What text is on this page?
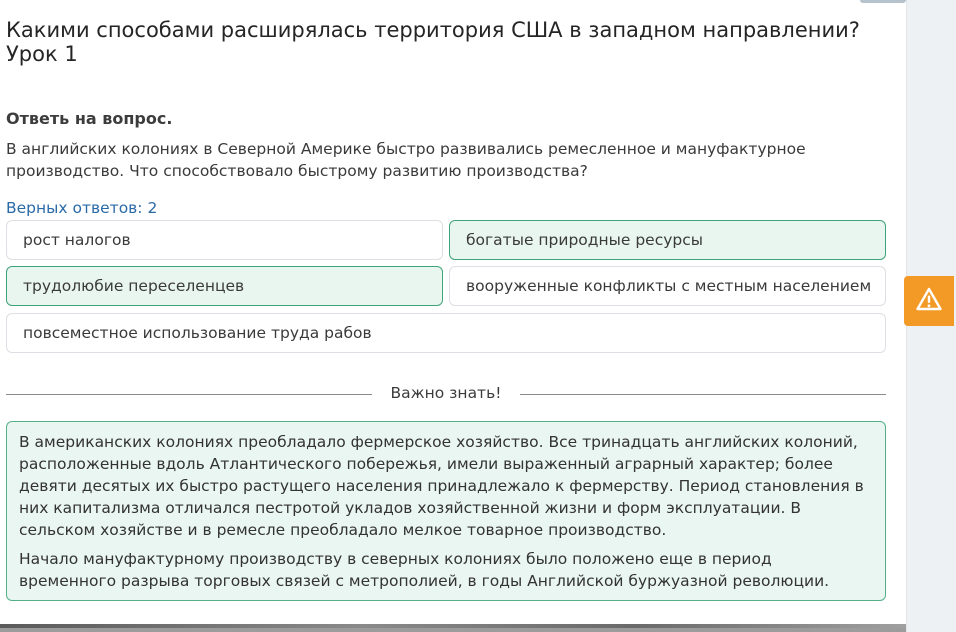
Какими способами расширялась территория США в западном направлении? Урок 1
Ответь на вопрос.
В английских колониях в Северной Америке быстро развивались ремесленное и мануфактурное производство. Что способствовало быстрому развитию производства?
Верных ответов: 2
рост налогов	богатые природные ресурсы
трудолюбие переселенцев	вооруженные конфликты с местным населением
повсеместное использование труда рабов
Важно знать!

В американских колониях преобладало фермерское хозяйство. Все тринадцать английских колоний, расположенные вдоль Атлантического побережья, имели выраженный аграрный характер; более девяти десятых их быстро растущего населения принадлежало к фермерству. Период становления в них капитализма отличался пестротой укладов хозяйственной жизни и форм эксплуатации. В сельском хозяйстве и в ремесле преобладало мелкое товарное производство.

Начало мануфактурному производству в северных колониях было положено еще в период временного разрыва торговых связей с метрополией, в годы Английской буржуазной революции.
